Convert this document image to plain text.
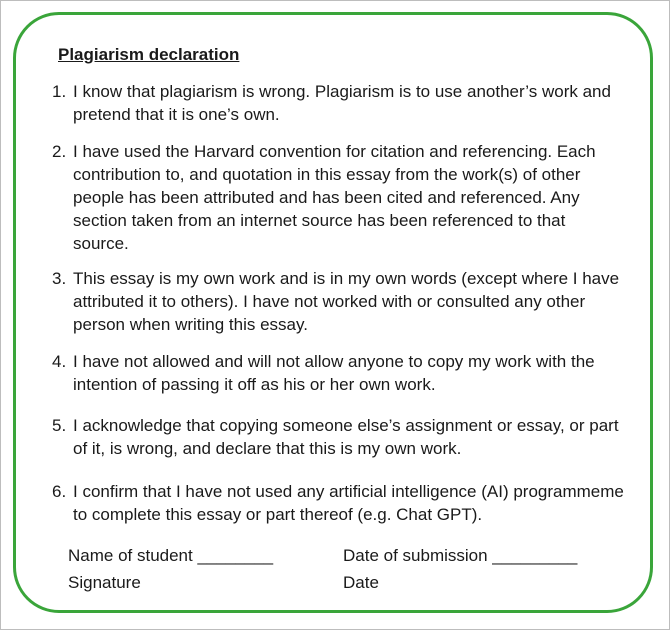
Plagiarism declaration
1. I know that plagiarism is wrong. Plagiarism is to use another’s work and pretend that it is one’s own.
2. I have used the Harvard convention for citation and referencing. Each contribution to, and quotation in this essay from the work(s) of other people has been attributed and has been cited and referenced. Any section taken from an internet source has been referenced to that source.
3. This essay is my own work and is in my own words (except where I have attributed it to others). I have not worked with or consulted any other person when writing this essay.
4. I have not allowed and will not allow anyone to copy my work with the intention of passing it off as his or her own work.
5. I acknowledge that copying someone else’s assignment or essay, or part of it, is wrong, and declare that this is my own work.
6. I confirm that I have not used any artificial intelligence (AI) programmeme to complete this essay or part thereof (e.g. Chat GPT).
Name of student ________	Date of submission _________
Signature	Date
